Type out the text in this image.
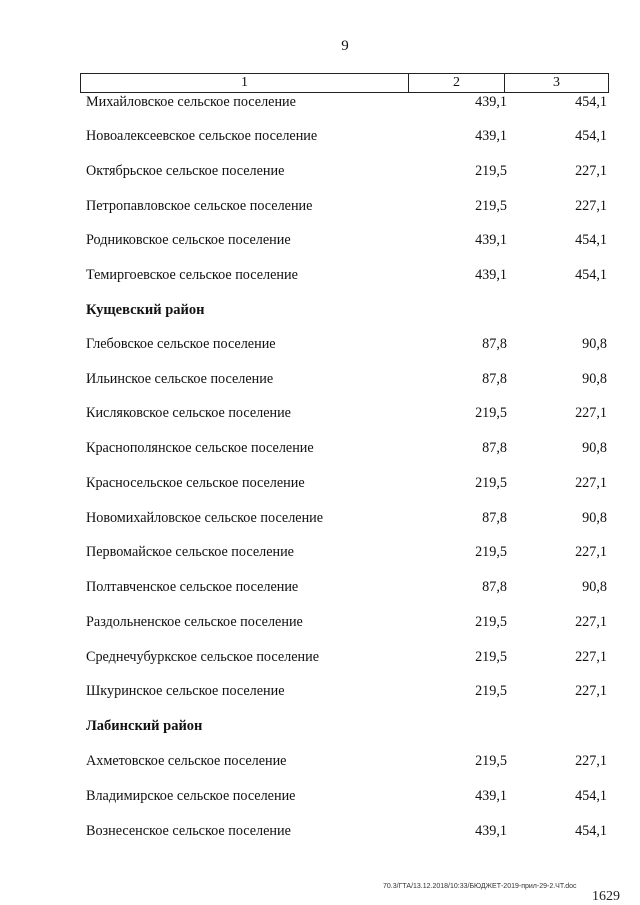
9
1	2	3
Михайловское сельское поселение	439,1	454,1
Новоалексеевское сельское поселение	439,1	454,1
Октябрьское сельское поселение	219,5	227,1
Петропавловское сельское поселение	219,5	227,1
Родниковское сельское поселение	439,1	454,1
Темиргоевское сельское поселение	439,1	454,1
Кущевский район
Глебовское сельское поселение	87,8	90,8
Ильинское сельское поселение	87,8	90,8
Кисляковское сельское поселение	219,5	227,1
Краснополянское сельское поселение	87,8	90,8
Красносельское сельское поселение	219,5	227,1
Новомихайловское сельское поселение	87,8	90,8
Первомайское сельское поселение	219,5	227,1
Полтавченское сельское поселение	87,8	90,8
Раздольненское сельское поселение	219,5	227,1
Среднечубуркское сельское поселение	219,5	227,1
Шкуринское сельское поселение	219,5	227,1
Лабинский район
Ахметовское сельское поселение	219,5	227,1
Владимирское сельское поселение	439,1	454,1
Вознесенское сельское поселение	439,1	454,1
70.3/ГТА/13.12.2018/10:33/БЮДЖЕТ-2019-прил-29-2.ЧТ.doc
1629
